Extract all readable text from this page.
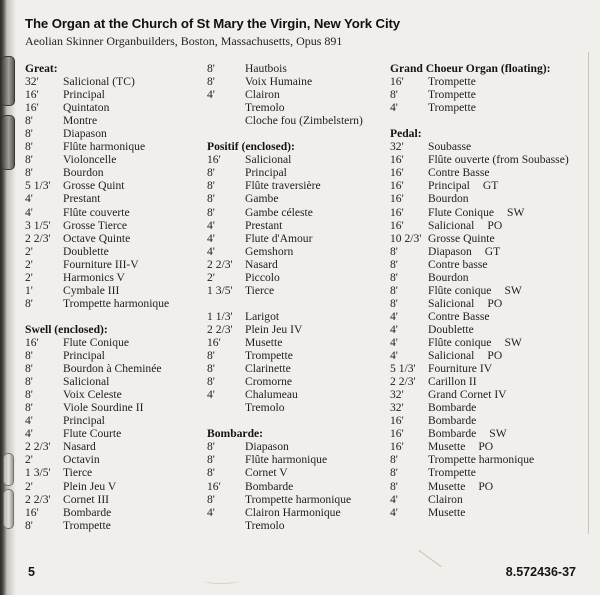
The Organ at the Church of St Mary the Virgin, New York City
Aeolian Skinner Organbuilders, Boston, Massachusetts, Opus 891
Great:
32' Salicional (TC)
16' Principal
16' Quintaton
8'	Montre
8'	Diapason
8'	Flûte harmonique
8'	Violoncelle
8'	Bourdon
5 1/3' Grosse Quint
4'	Prestant
4'	Flûte couverte
3 1/5' Grosse Tierce
2 2/3' Octave Quinte
2'	Doublette
2'	Fourniture III-V
2'	Harmonics V
1'	Cymbale III
8'	Trompette harmonique
Swell (enclosed):
16' Flute Conique
8'	Principal
8'	Bourdon à Cheminée
8'	Salicional
8'	Voix Celeste
8'	Viole Sourdine II
4'	Principal
4'	Flute Courte
2 2/3' Nasard
2'	Octavin
1 3/5' Tierce
2'	Plein Jeu V
2 2/3' Cornet III
16' Bombarde
8'	Trompette
8'	Hautbois
8'	Voix Humaine
4'	Clairon
Tremolo
Cloche fou (Zimbelstern)
Positif (enclosed):
16' Salicional
8'	Principal
8'	Flûte traversière
8'	Gambe
8'	Gambe céleste
4'	Prestant
4'	Flute d'Amour
4'	Gemshorn
2 2/3' Nasard
2'	Piccolo
1 3/5' Tierce
1 1/3' Larigot
2 2/3' Plein Jeu IV
16' Musette
8'	Trompette
8'	Clarinette
8'	Cromorne
4'	Chalumeau
Tremolo
Bombarde:
8'	Diapason
8'	Flûte harmonique
8'	Cornet V
16' Bombarde
8'	Trompette harmonique
4'	Clairon Harmonique
Tremolo
Grand Choeur Organ (floating):
16' Trompette
8'	Trompette
4'	Trompette
Pedal:
32' Soubasse
16' Flûte ouverte (from Soubasse)
16' Contre Basse
16' Principal GT
16' Bourdon
16' Flute Conique SW
16' Salicional PO
10 2/3' Grosse Quinte
8'	Diapason GT
8'	Contre basse
8'	Bourdon
8'	Flûte conique SW
8'	Salicional PO
4'	Contre Basse
4'	Doublette
4'	Flûte conique SW
4'	Salicional PO
5 1/3' Fourniture IV
2 2/3' Carillon II
32' Grand Cornet IV
32' Bombarde
16' Bombarde
16' Bombarde SW
16' Musette PO
8'	Trompette harmonique
8'	Trompette
8'	Musette PO
4'	Clairon
4'	Musette
5	8.572436-37
